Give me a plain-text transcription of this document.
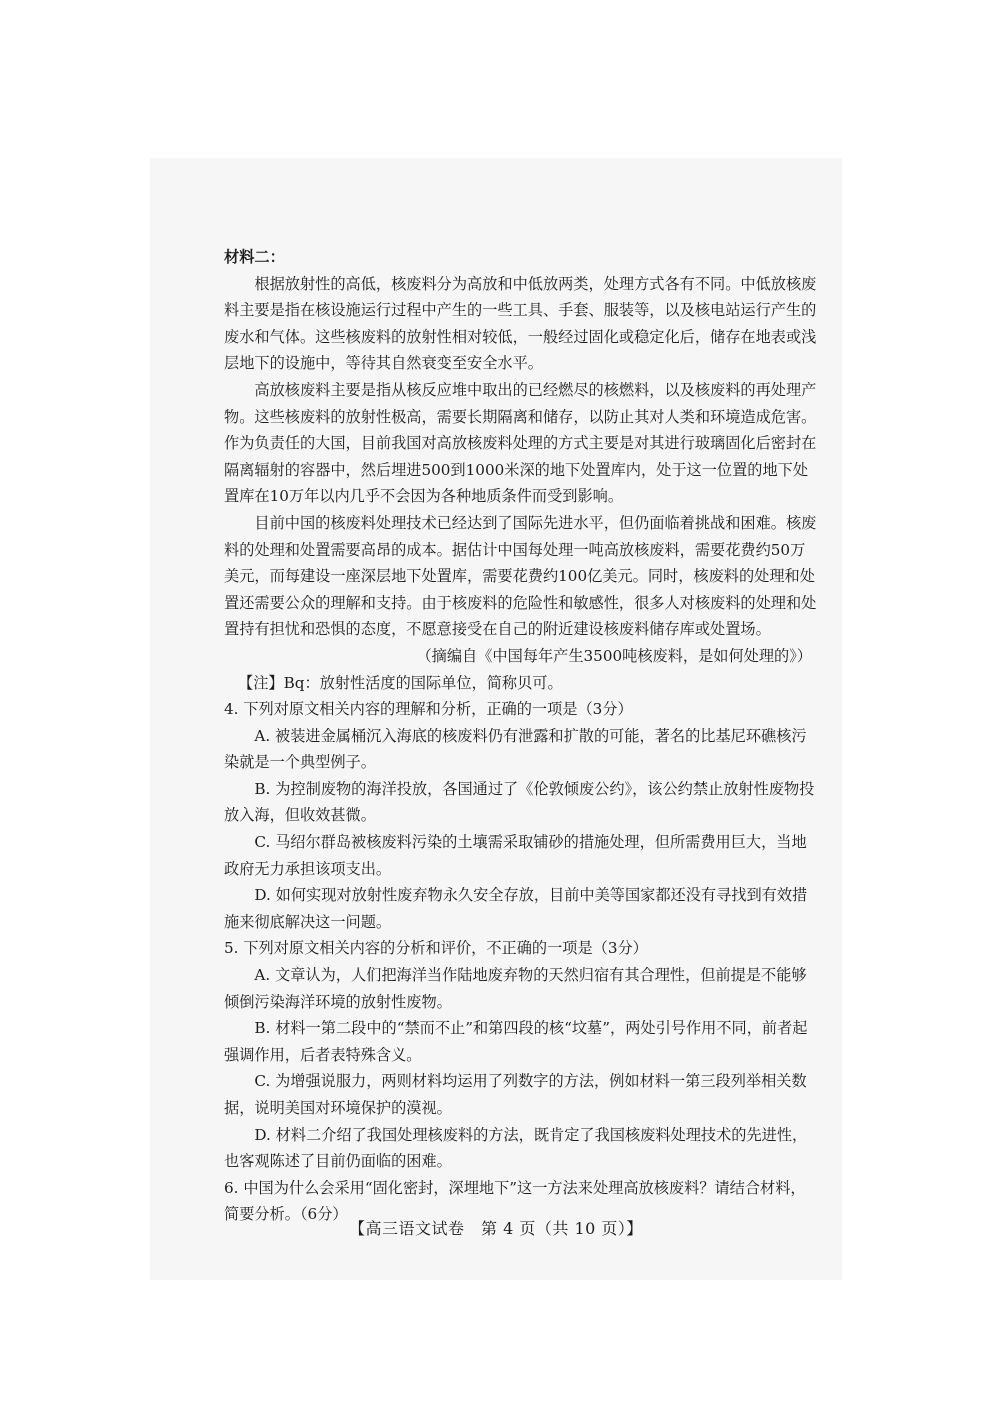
材料二：

根据放射性的高低，核废料分为高放和中低放两类，处理方式各有不同。中低放核废料主要是指在核设施运行过程中产生的一些工具、手套、服装等，以及核电站运行产生的废水和气体。这些核废料的放射性相对较低，一般经过固化或稳定化后，储存在地表或浅层地下的设施中，等待其自然衰变至安全水平。

高放核废料主要是指从核反应堆中取出的已经燃尽的核燃料，以及核废料的再处理产物。这些核废料的放射性极高，需要长期隔离和储存，以防止其对人类和环境造成危害。作为负责任的大国，目前我国对高放核废料处理的方式主要是对其进行玻璃固化后密封在隔离辐射的容器中，然后埋进500到1000米深的地下处置库内，处于这一位置的地下处置库在10万年以内几乎不会因为各种地质条件而受到影响。

目前中国的核废料处理技术已经达到了国际先进水平，但仍面临着挑战和困难。核废料的处理和处置需要高昂的成本。据估计中国每处理一吨高放核废料，需要花费约50万美元，而每建设一座深层地下处置库，需要花费约100亿美元。同时，核废料的处理和处置还需要公众的理解和支持。由于核废料的危险性和敏感性，很多人对核废料的处理和处置持有担忧和恐惧的态度，不愿意接受在自己的附近建设核废料储存库或处置场。

（摘编自《中国每年产生3500吨核废料，是如何处理的》）

【注】Bq：放射性活度的国际单位，简称贝可。

4. 下列对原文相关内容的理解和分析，正确的一项是（3分）

A. 被装进金属桶沉入海底的核废料仍有泄露和扩散的可能，著名的比基尼环礁核污染就是一个典型例子。

B. 为控制废物的海洋投放，各国通过了《伦敦倾废公约》，该公约禁止放射性废物投放入海，但收效甚微。

C. 马绍尔群岛被核废料污染的土壤需采取铺砂的措施处理，但所需费用巨大，当地政府无力承担该项支出。

D. 如何实现对放射性废弃物永久安全存放，目前中美等国家都还没有寻找到有效措施来彻底解决这一问题。

5. 下列对原文相关内容的分析和评价，不正确的一项是（3分）

A. 文章认为，人们把海洋当作陆地废弃物的天然归宿有其合理性，但前提是不能够倾倒污染海洋环境的放射性废物。

B. 材料一第二段中的“禁而不止”和第四段的核“坟墓”，两处引号作用不同，前者起强调作用，后者表特殊含义。

C. 为增强说服力，两则材料均运用了列数字的方法，例如材料一第三段列举相关数据，说明美国对环境保护的漠视。

D. 材料二介绍了我国处理核废料的方法，既肯定了我国核废料处理技术的先进性，也客观陈述了目前仍面临的困难。

6. 中国为什么会采用“固化密封，深埋地下”这一方法来处理高放核废料？请结合材料，简要分析。（6分）

【高三语文试卷　第 4 页（共 10 页）】
